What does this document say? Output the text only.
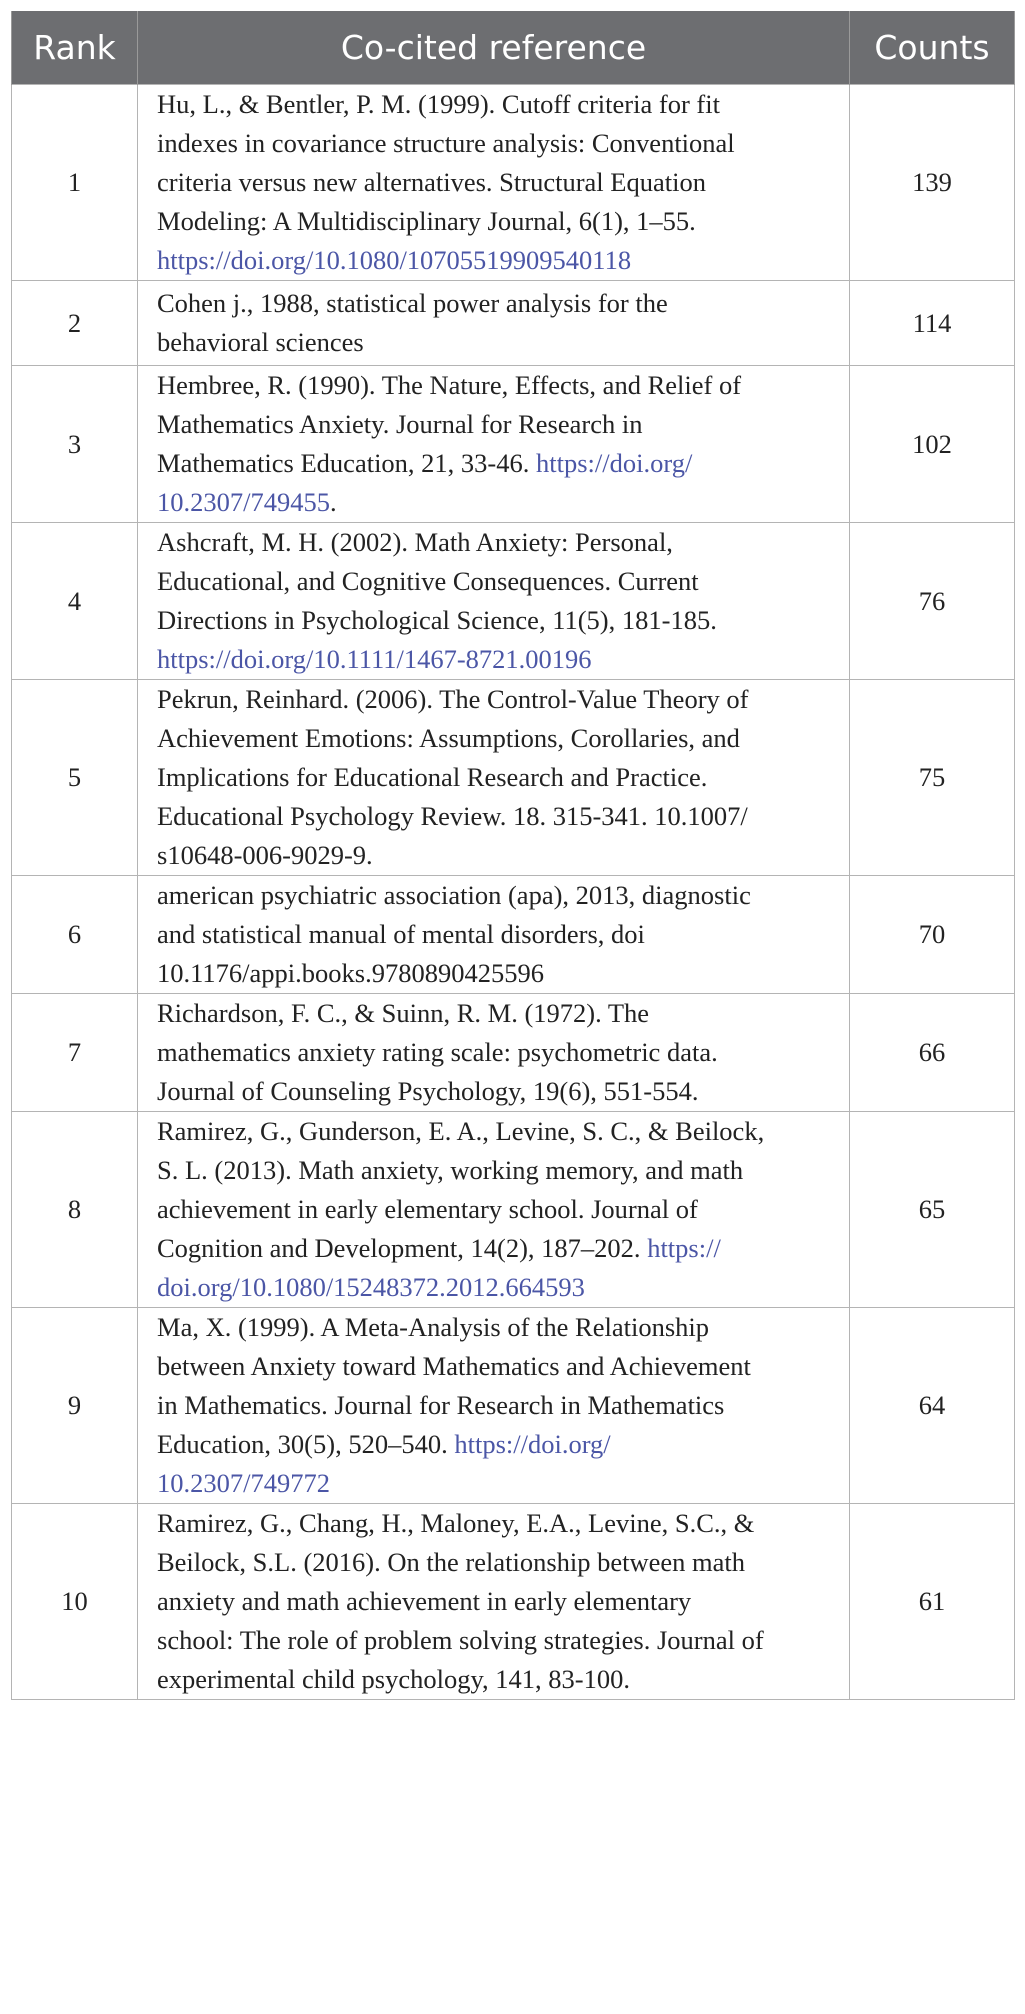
Rank	Co-cited reference	Counts
1	Hu, L., & Bentler, P. M. (1999). Cutoff criteria for fit
indexes in covariance structure analysis: Conventional
criteria versus new alternatives. Structural Equation
Modeling: A Multidisciplinary Journal, 6(1), 1–55.
https://doi.org/10.1080/10705519909540118	139
2	Cohen j., 1988, statistical power analysis for the
behavioral sciences	114
3	Hembree, R. (1990). The Nature, Effects, and Relief of
Mathematics Anxiety. Journal for Research in
Mathematics Education, 21, 33-46. https://doi.org/
10.2307/749455.	102
4	Ashcraft, M. H. (2002). Math Anxiety: Personal,
Educational, and Cognitive Consequences. Current
Directions in Psychological Science, 11(5), 181-185.
https://doi.org/10.1111/1467-8721.00196	76
5	Pekrun, Reinhard. (2006). The Control-Value Theory of
Achievement Emotions: Assumptions, Corollaries, and
Implications for Educational Research and Practice.
Educational Psychology Review. 18. 315-341. 10.1007/
s10648-006-9029-9.	75
6	american psychiatric association (apa), 2013, diagnostic
and statistical manual of mental disorders, doi
10.1176/appi.books.9780890425596	70
7	Richardson, F. C., & Suinn, R. M. (1972). The
mathematics anxiety rating scale: psychometric data.
Journal of Counseling Psychology, 19(6), 551-554.	66
8	Ramirez, G., Gunderson, E. A., Levine, S. C., & Beilock,
S. L. (2013). Math anxiety, working memory, and math
achievement in early elementary school. Journal of
Cognition and Development, 14(2), 187–202. https://
doi.org/10.1080/15248372.2012.664593	65
9	Ma, X. (1999). A Meta-Analysis of the Relationship
between Anxiety toward Mathematics and Achievement
in Mathematics. Journal for Research in Mathematics
Education, 30(5), 520–540. https://doi.org/
10.2307/749772	64
10	Ramirez, G., Chang, H., Maloney, E.A., Levine, S.C., &
Beilock, S.L. (2016). On the relationship between math
anxiety and math achievement in early elementary
school: The role of problem solving strategies. Journal of
experimental child psychology, 141, 83-100.	61
